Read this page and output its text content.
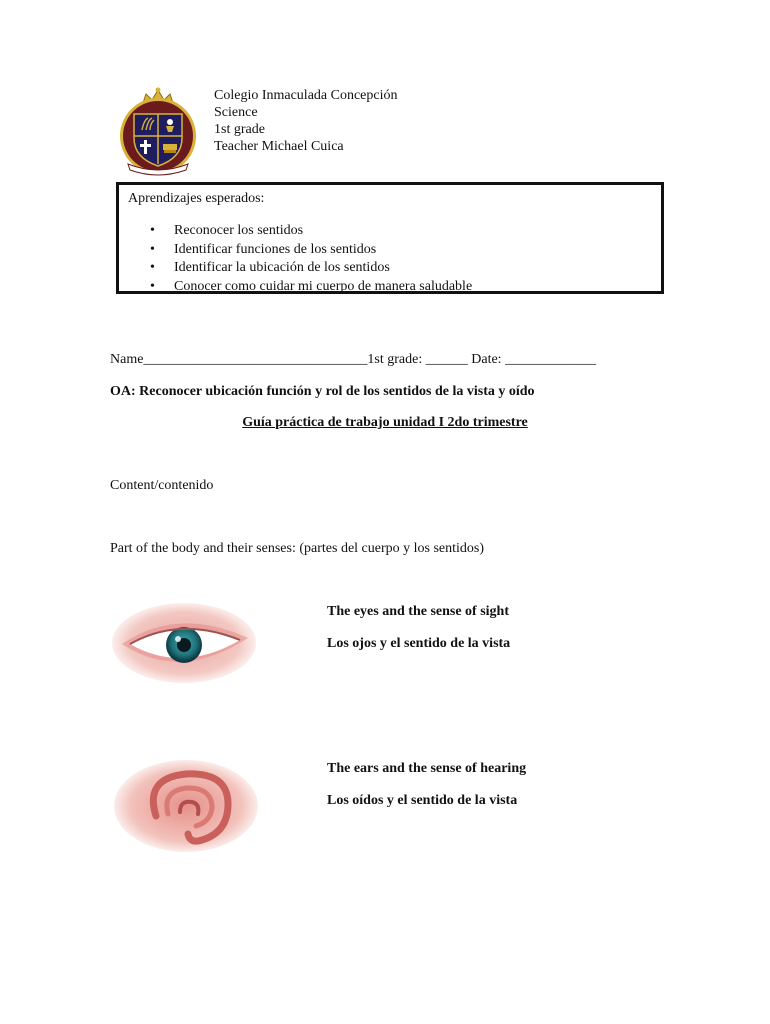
Colegio Inmaculada Concepción
Science
1st grade
Teacher Michael Cuica
Aprendizajes esperados:
• Reconocer los sentidos
• Identificar funciones de los sentidos
• Identificar la ubicación de los sentidos
• Conocer como cuidar mi cuerpo de manera saludable
Name________________________________1st grade: ______ Date: _____________
OA: Reconocer ubicación función y rol de los sentidos de la vista y oído
Guía práctica de trabajo unidad I 2do trimestre
Content/contenido
Part of the body and their senses: (partes del cuerpo y los sentidos)
The eyes and the sense of sight
Los ojos y el sentido de la vista
The ears and the sense of hearing
Los oídos y el sentido de la vista
